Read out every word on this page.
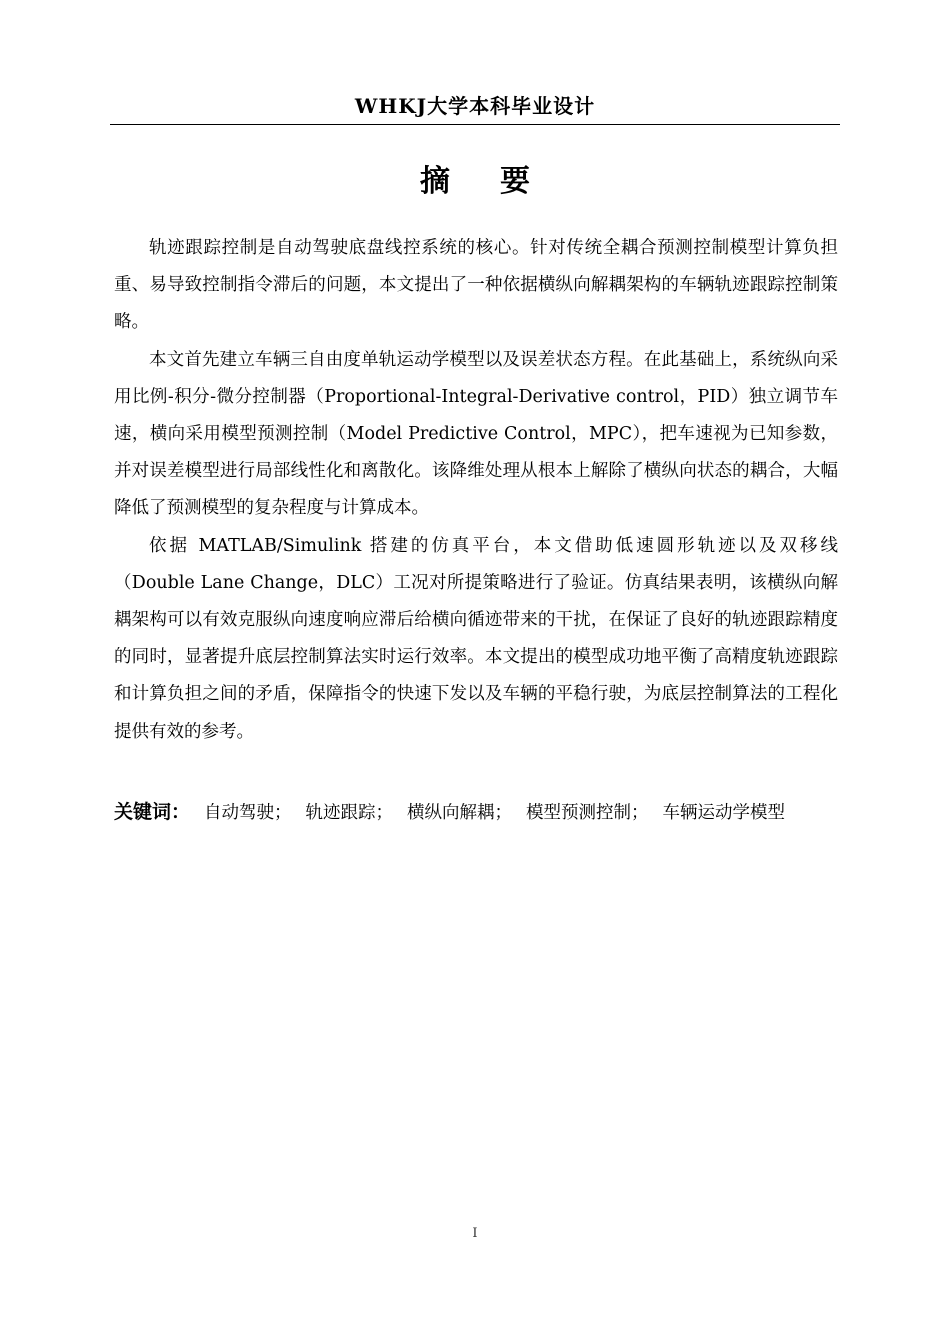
WHKJ大学本科毕业设计
摘 要

轨迹跟踪控制是自动驾驶底盘线控系统的核心。针对传统全耦合预测控制模型计算负担重、易导致控制指令滞后的问题，本文提出了一种依据横纵向解耦架构的车辆轨迹跟踪控制策略。

本文首先建立车辆三自由度单轨运动学模型以及误差状态方程。在此基础上，系统纵向采用比例-积分-微分控制器（Proportional-Integral-Derivative control，PID）独立调节车速，横向采用模型预测控制（Model Predictive Control，MPC），把车速视为已知参数，并对误差模型进行局部线性化和离散化。该降维处理从根本上解除了横纵向状态的耦合，大幅降低了预测模型的复杂程度与计算成本。

依据 MATLAB/Simulink 搭建的仿真平台，本文借助低速圆形轨迹以及双移线（Double Lane Change，DLC）工况对所提策略进行了验证。仿真结果表明，该横纵向解耦架构可以有效克服纵向速度响应滞后给横向循迹带来的干扰，在保证了良好的轨迹跟踪精度的同时，显著提升底层控制算法实时运行效率。本文提出的模型成功地平衡了高精度轨迹跟踪和计算负担之间的矛盾，保障指令的快速下发以及车辆的平稳行驶，为底层控制算法的工程化提供有效的参考。

关键词： 自动驾驶； 轨迹跟踪； 横纵向解耦； 模型预测控制； 车辆运动学模型
I
